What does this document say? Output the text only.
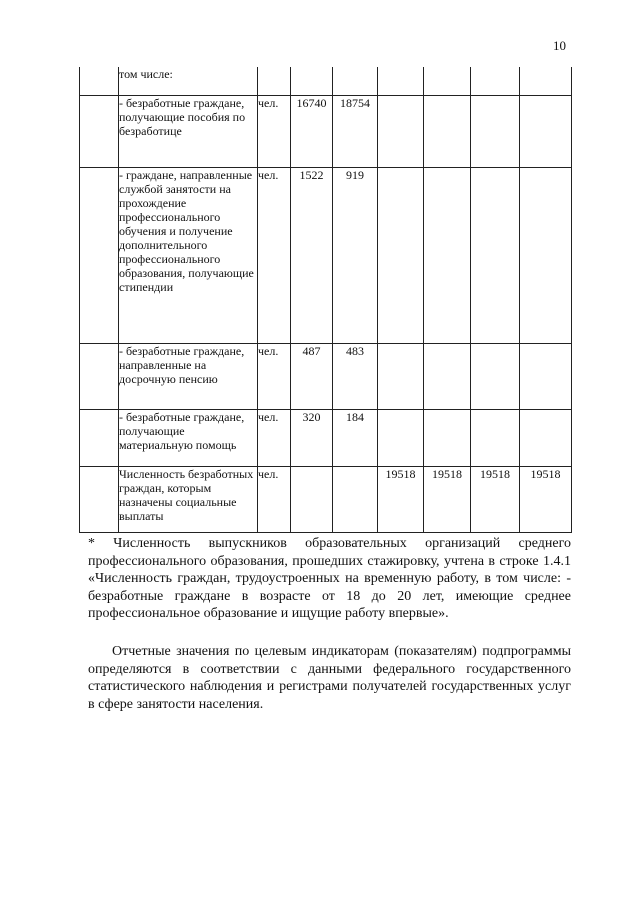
10
	том числе:							
	- безработные граждане, получающие пособия по безработице	чел.	16740	18754				
	- граждане, направленные службой занятости на прохождение профессионального обучения и получение дополнительного профессионального образования, получающие стипендии	чел.	1522	919				
	- безработные граждане, направленные на досрочную пенсию	чел.	487	483				
	- безработные граждане, получающие материальную помощь	чел.	320	184				

	Численность безработных граждан, которым назначены социальные выплаты	чел.			19518	19518	19518	19518

* Численность выпускников образовательных организаций среднего профессионального образования, прошедших стажировку, учтена в строке 1.4.1 «Численность граждан, трудоустроенных на временную работу, в том числе: - безработные граждане в возрасте от 18 до 20 лет, имеющие среднее профессиональное образование и ищущие работу впервые».

Отчетные значения по целевым индикаторам (показателям) подпрограммы определяются в соответствии с данными федерального государственного статистического наблюдения и регистрами получателей государственных услуг в сфере занятости населения.
